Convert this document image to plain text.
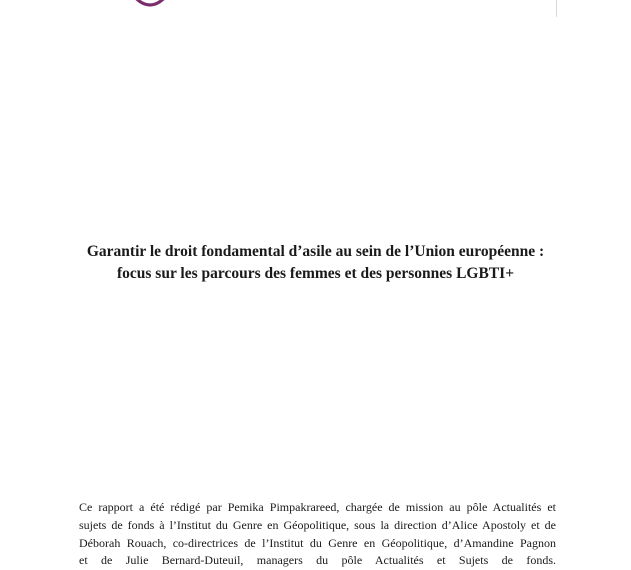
Garantir le droit fondamental d’asile au sein de l’Union européenne :
focus sur les parcours des femmes et des personnes LGBTI+
Ce rapport a été rédigé par Pemika Pimpakrareed, chargée de mission au pôle Actualités et
sujets de fonds à l’Institut du Genre en Géopolitique, sous la direction d’Alice Apostoly et de
Déborah Rouach, co-directrices de l’Institut du Genre en Géopolitique, d’Amandine Pagnon
et de Julie Bernard-Duteuil, managers du pôle Actualités et Sujets de fonds.
